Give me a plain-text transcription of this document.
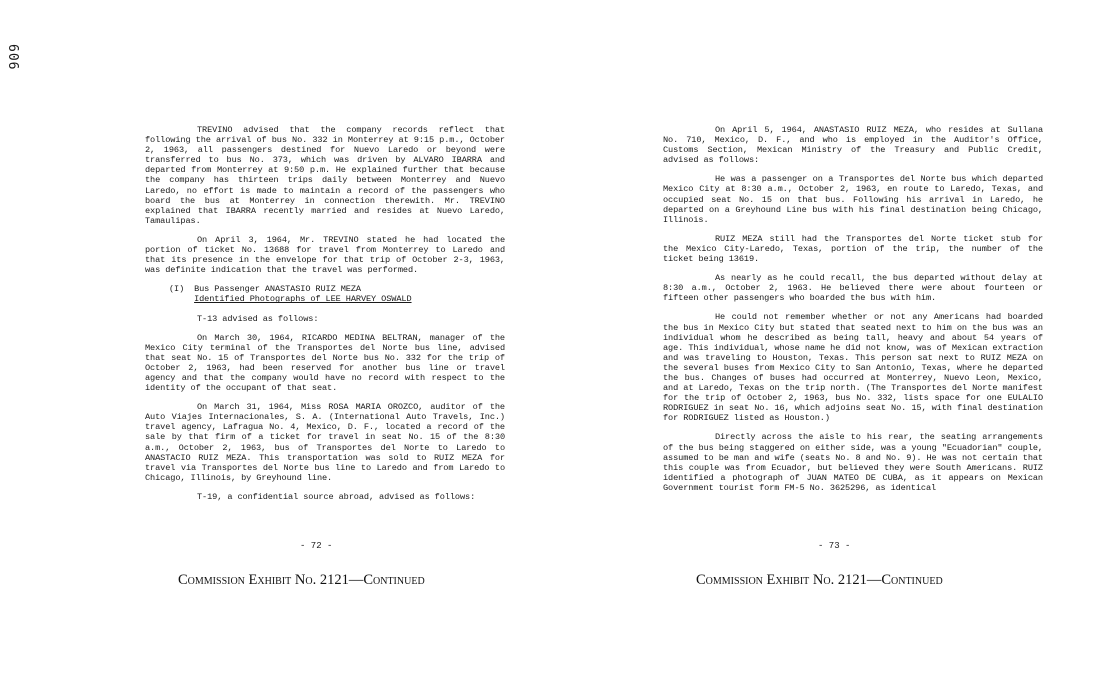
606

TREVINO advised that the company records reflect that following the arrival of bus No. 332 in Monterrey at 9:15 p.m., October 2, 1963, all passengers destined for Nuevo Laredo or beyond were transferred to bus No. 373, which was driven by ALVARO IBARRA and departed from Monterrey at 9:50 p.m. He explained further that because the company has thirteen trips daily between Monterrey and Nuevo Laredo, no effort is made to maintain a record of the passengers who board the bus at Monterrey in connection therewith. Mr. TREVINO explained that IBARRA recently married and resides at Nuevo Laredo, Tamaulipas.

On April 3, 1964, Mr. TREVINO stated he had located the portion of ticket No. 13688 for travel from Monterrey to Laredo and that its presence in the envelope for that trip of October 2-3, 1963, was definite indication that the travel was performed.

(I) Bus Passenger ANASTASIO RUIZ MEZA
Identified Photographs of LEE HARVEY OSWALD

T-13 advised as follows:

On March 30, 1964, RICARDO MEDINA BELTRAN, manager of the Mexico City terminal of the Transportes del Norte bus line, advised that seat No. 15 of Transportes del Norte bus No. 332 for the trip of October 2, 1963, had been reserved for another bus line or travel agency and that the company would have no record with respect to the identity of the occupant of that seat.

On March 31, 1964, Miss ROSA MARIA OROZCO, auditor of the Auto Viajes Internacionales, S. A. (International Auto Travels, Inc.) travel agency, Lafragua No. 4, Mexico, D. F., located a record of the sale by that firm of a ticket for travel in seat No. 15 of the 8:30 a.m., October 2, 1963, bus of Transportes del Norte to Laredo to ANASTACIO RUIZ MEZA. This transportation was sold to RUIZ MEZA for travel via Transportes del Norte bus line to Laredo and from Laredo to Chicago, Illinois, by Greyhound line.

T-19, a confidential source abroad, advised as follows:

On April 5, 1964, ANASTASIO RUIZ MEZA, who resides at Sullana No. 710, Mexico, D. F., and who is employed in the Auditor's Office, Customs Section, Mexican Ministry of the Treasury and Public Credit, advised as follows:

He was a passenger on a Transportes del Norte bus which departed Mexico City at 8:30 a.m., October 2, 1963, en route to Laredo, Texas, and occupied seat No. 15 on that bus. Following his arrival in Laredo, he departed on a Greyhound Line bus with his final destination being Chicago, Illinois.

RUIZ MEZA still had the Transportes del Norte ticket stub for the Mexico City-Laredo, Texas, portion of the trip, the number of the ticket being 13619.

As nearly as he could recall, the bus departed without delay at 8:30 a.m., October 2, 1963. He believed there were about fourteen or fifteen other passengers who boarded the bus with him.

He could not remember whether or not any Americans had boarded the bus in Mexico City but stated that seated next to him on the bus was an individual whom he described as being tall, heavy and about 54 years of age. This individual, whose name he did not know, was of Mexican extraction and was traveling to Houston, Texas. This person sat next to RUIZ MEZA on the several buses from Mexico City to San Antonio, Texas, where he departed the bus. Changes of buses had occurred at Monterrey, Nuevo Leon, Mexico, and at Laredo, Texas on the trip north. (The Transportes del Norte manifest for the trip of October 2, 1963, bus No. 332, lists space for one EULALIO RODRIGUEZ in seat No. 16, which adjoins seat No. 15, with final destination for RODRIGUEZ listed as Houston.)

Directly across the aisle to his rear, the seating arrangements of the bus being staggered on either side, was a young "Ecuadorian" couple, assumed to be man and wife (seats No. 8 and No. 9). He was not certain that this couple was from Ecuador, but believed they were South Americans. RUIZ identified a photograph of JUAN MATEO DE CUBA, as it appears on Mexican Government tourist form FM-5 No. 3625296, as identical

- 72 -	- 73 -
Commission Exhibit No. 2121—Continued	Commission Exhibit No. 2121—Continued
